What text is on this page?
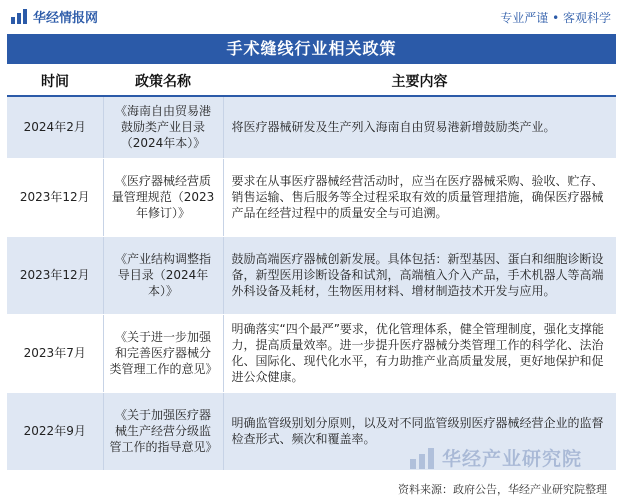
华经情报网	专业严谨 • 客观科学
手术缝线行业相关政策
时间	政策名称	主要内容
2024年2月	《海南自由贸易港鼓励类产业目录（2024年本）》	将医疗器械研发及生产列入海南自由贸易港新增鼓励类产业。
2023年12月	《医疗器械经营质量管理规范（2023年修订）》	要求在从事医疗器械经营活动时，应当在医疗器械采购、验收、贮存、销售运输、售后服务等全过程采取有效的质量管理措施，确保医疗器械产品在经营过程中的质量安全与可追溯。
2023年12月	《产业结构调整指导目录（2024年本）》	鼓励高端医疗器械创新发展。具体包括：新型基因、蛋白和细胞诊断设备，新型医用诊断设备和试剂，高端植入介入产品，手术机器人等高端外科设备及耗材，生物医用材料、增材制造技术开发与应用。
2023年7月	《关于进一步加强和完善医疗器械分类管理工作的意见》	明确落实“四个最严”要求，优化管理体系，健全管理制度，强化支撑能力，提高质量效率。进一步提升医疗器械分类管理工作的科学化、法治化、国际化、现代化水平，有力助推产业高质量发展，更好地保护和促进公众健康。
2022年9月	《关于加强医疗器械生产经营分级监管工作的指导意见》	明确监管级别划分原则，以及对不同监管级别医疗器械经营企业的监督检查形式、频次和覆盖率。
华经产业研究院
资料来源：政府公告，华经产业研究院整理
